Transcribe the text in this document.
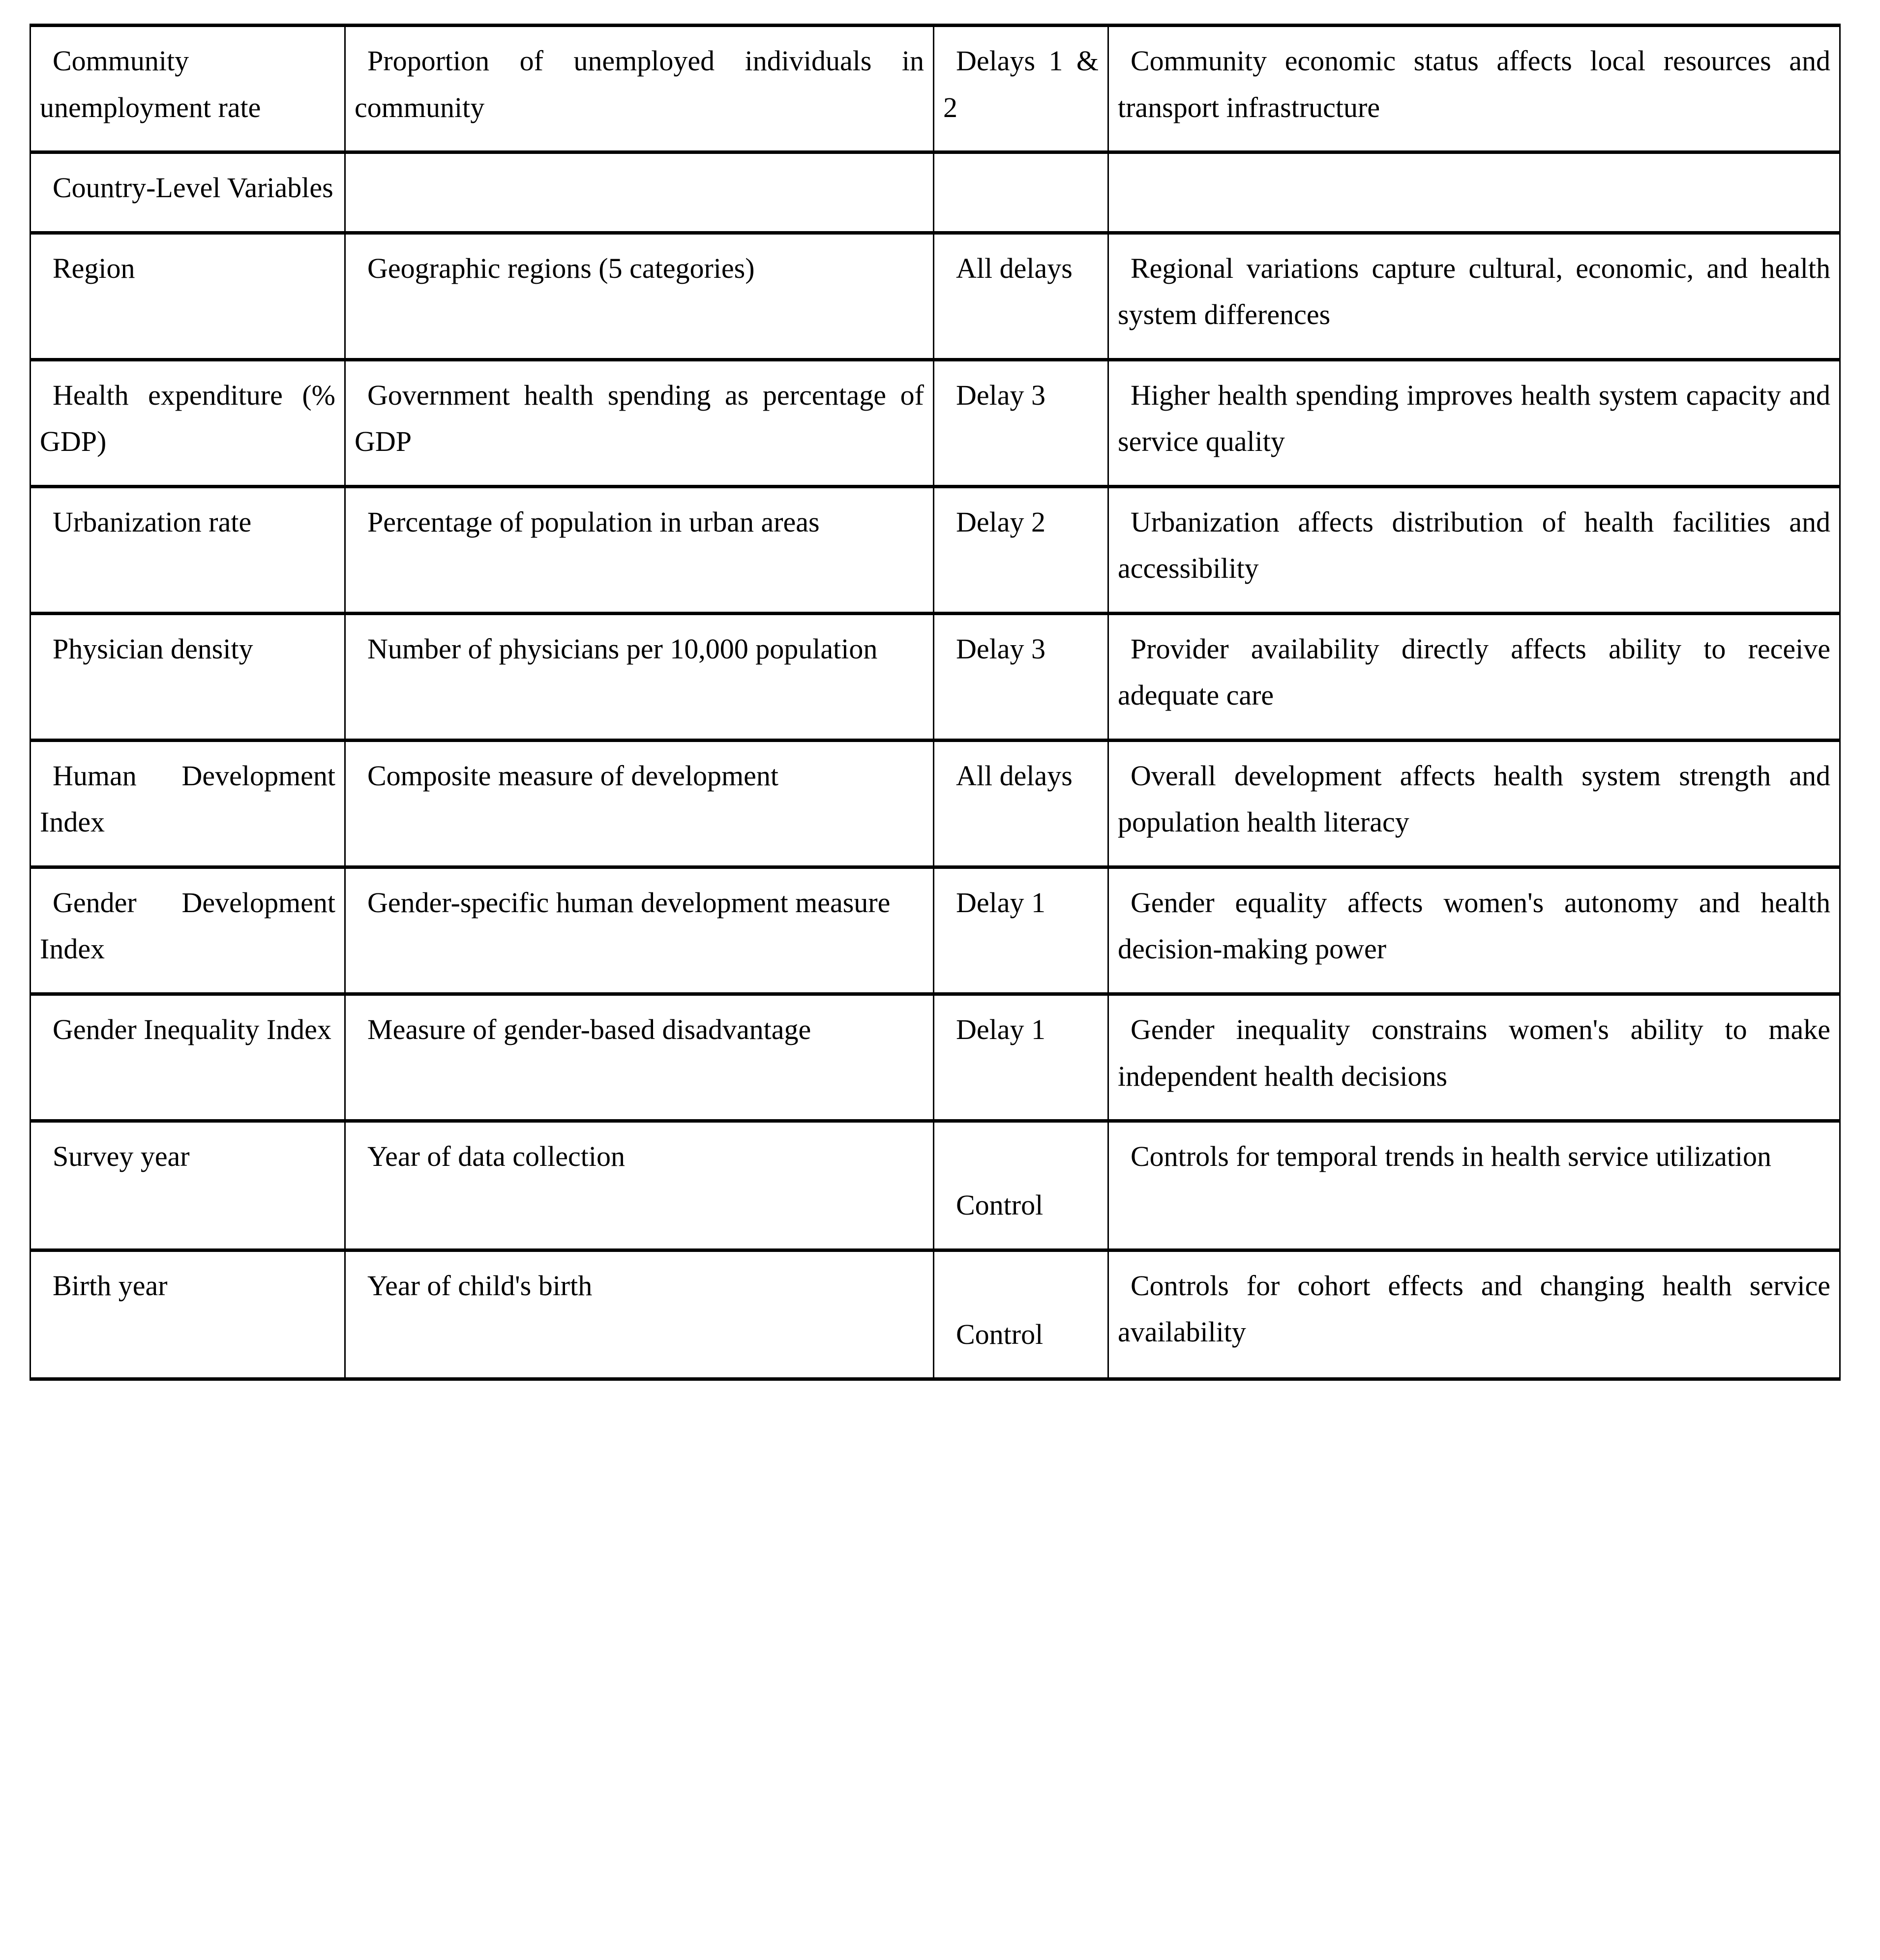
Community unemployment rate	Proportion of unemployed individuals in community	Delays 1 & 2	Community economic status affects local resources and transport infrastructure

Country-Level Variables			

Region	Geographic regions (5 categories)	All delays	Regional variations capture cultural, economic, and health system differences

Health expenditure (% GDP)	Government health spending as percentage of GDP	Delay 3	Higher health spending improves health system capacity and service quality

Urbanization rate	Percentage of population in urban areas	Delay 2	Urbanization affects distribution of health facilities and accessibility

Physician density	Number of physicians per 10,000 population	Delay 3	Provider availability directly affects ability to receive adequate care

Human Development Index	Composite measure of development	All delays	Overall development affects health system strength and population health literacy

Gender Development Index	Gender-specific human development measure	Delay 1	Gender equality affects women's autonomy and health decision-making power

Gender Inequality Index	Measure of gender-based disadvantage	Delay 1	Gender inequality constrains women's ability to make independent health decisions

Survey year	Year of data collection	Control	Controls for temporal trends in health service utilization

Birth year	Year of child's birth	Control	Controls for cohort effects and changing health service availability
